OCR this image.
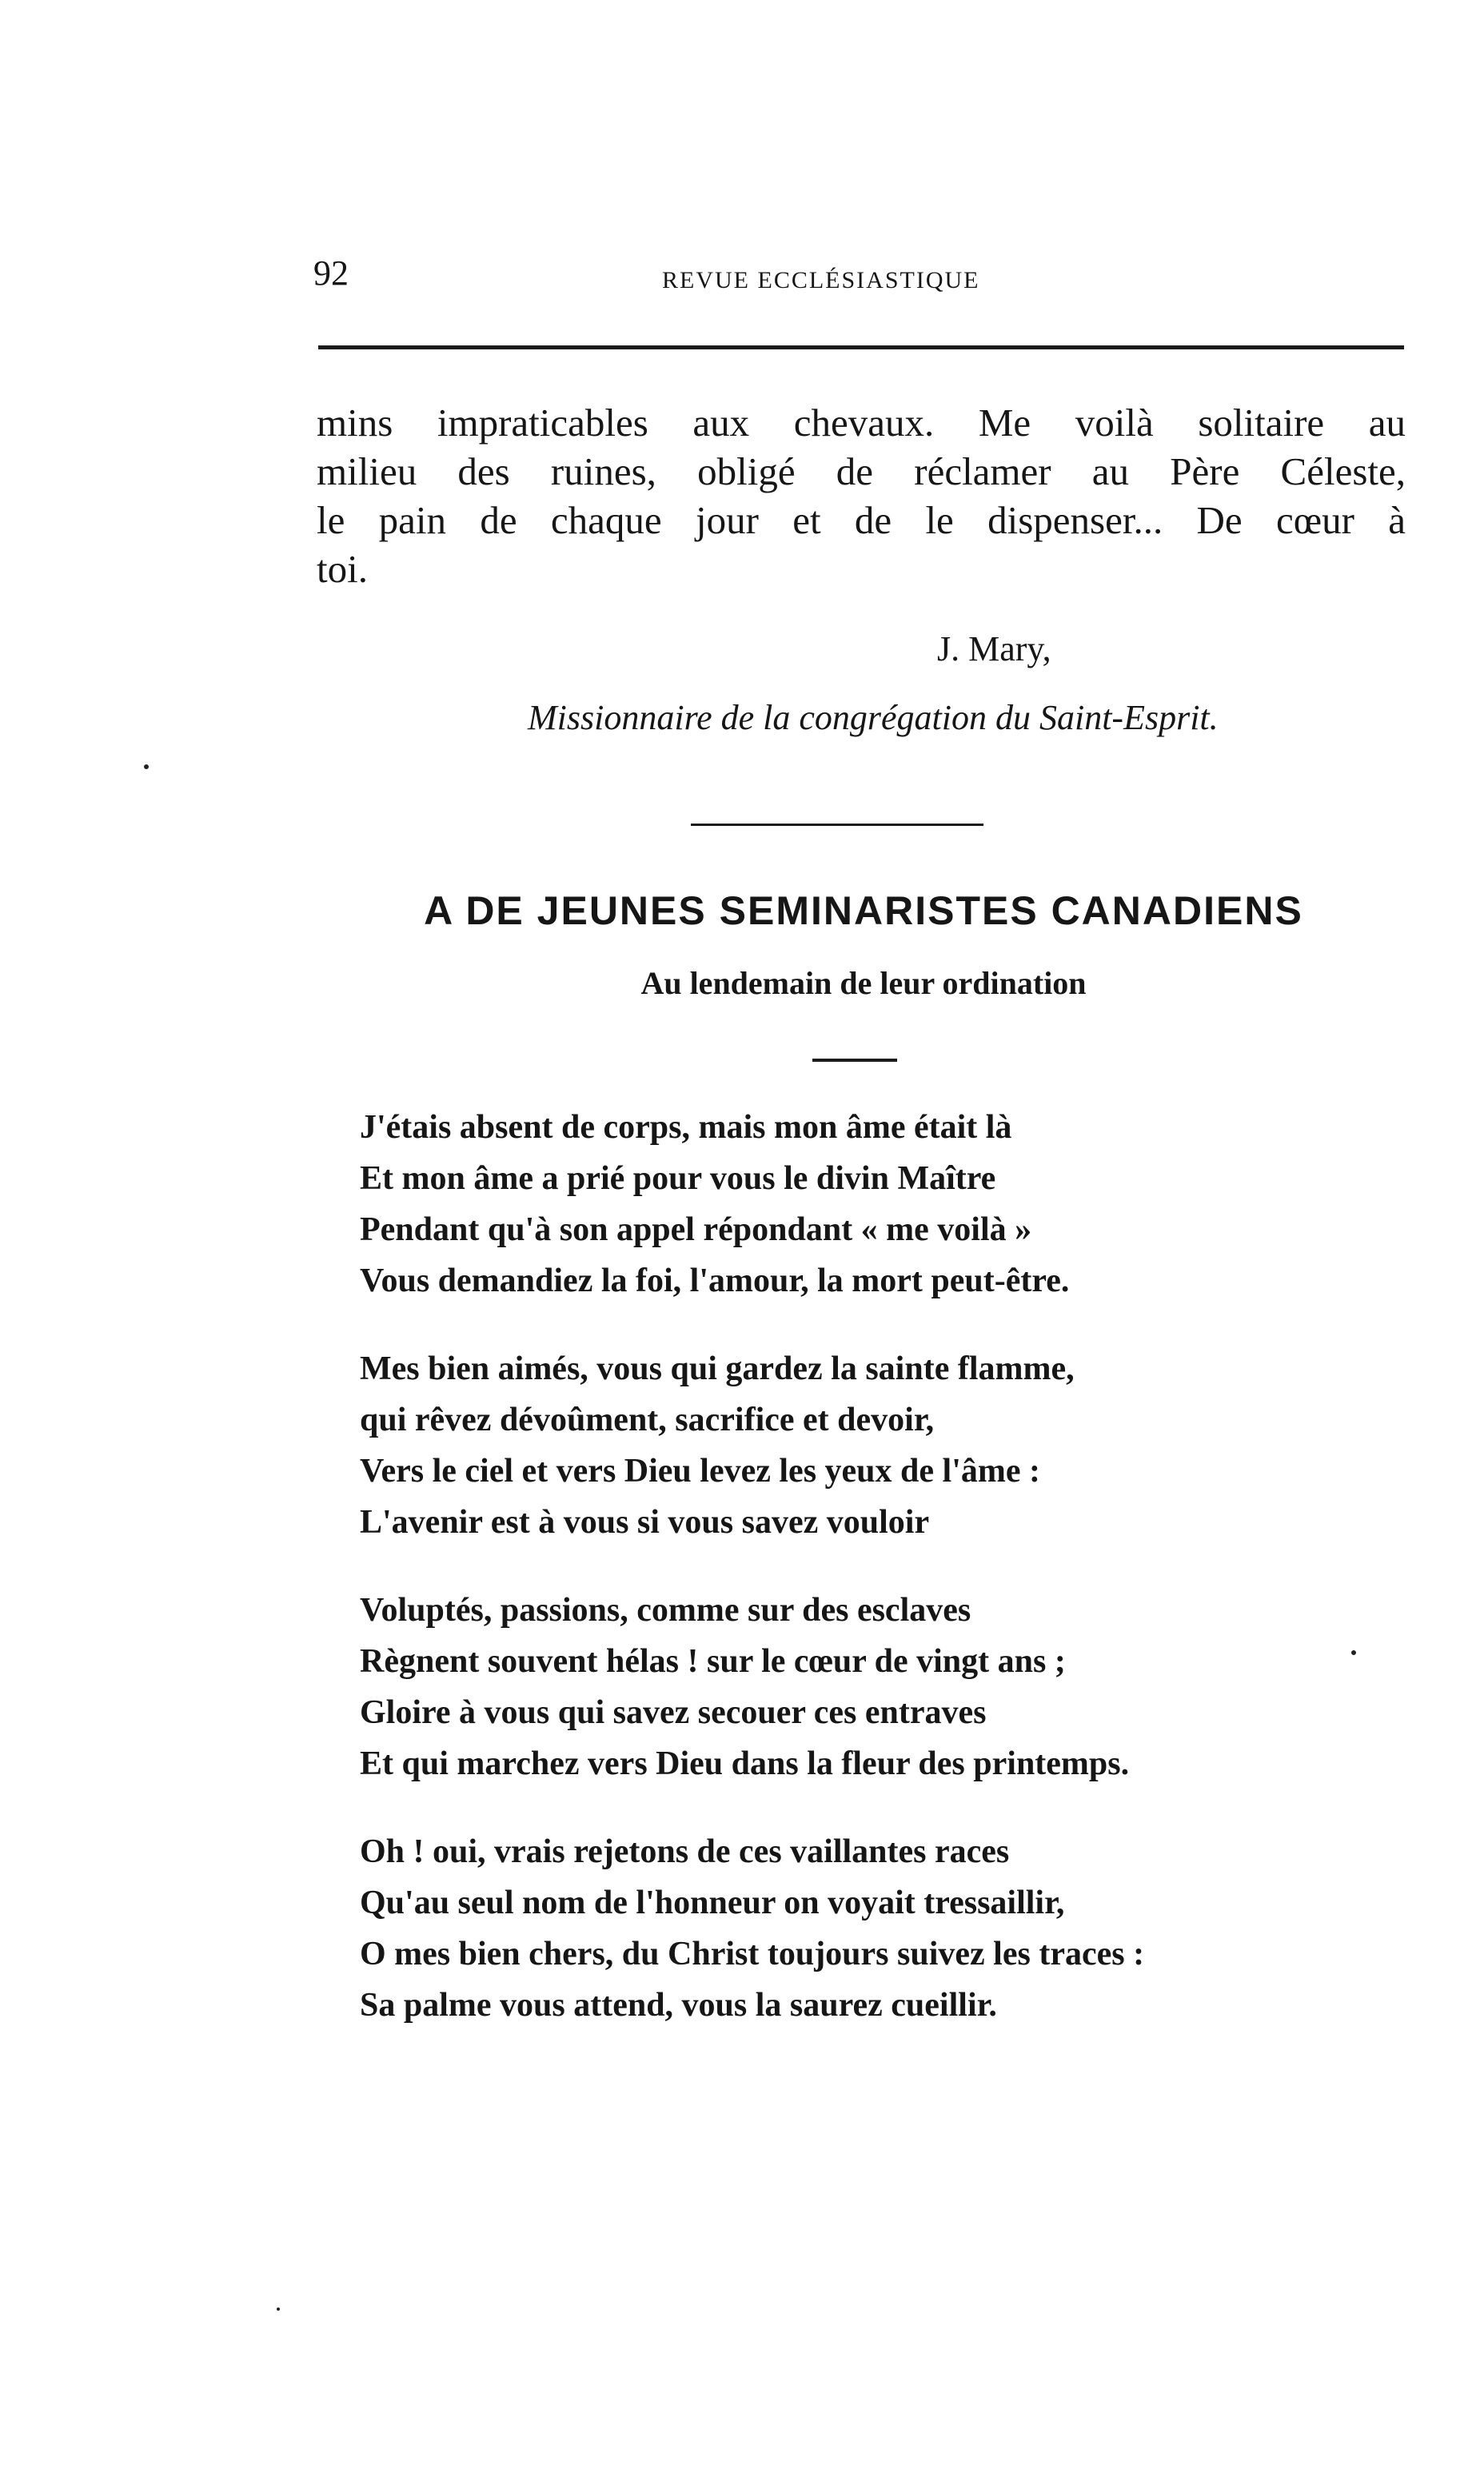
92	REVUE ECCLÉSIASTIQUE
mins impraticables aux chevaux. Me voilà solitaire au
milieu des ruines, obligé de réclamer au Père Céleste,
le pain de chaque jour et de le dispenser... De cœur à
toi.
J. Mary,
Missionnaire de la congrégation du Saint-Esprit.
A DE JEUNES SEMINARISTES CANADIENS
Au lendemain de leur ordination
J'étais absent de corps, mais mon âme était là
Et mon âme a prié pour vous le divin Maître
Pendant qu'à son appel répondant « me voilà »
Vous demandiez la foi, l'amour, la mort peut-être.
Mes bien aimés, vous qui gardez la sainte flamme,
qui rêvez dévoûment, sacrifice et devoir,
Vers le ciel et vers Dieu levez les yeux de l'âme :
L'avenir est à vous si vous savez vouloir
Voluptés, passions, comme sur des esclaves
Règnent souvent hélas ! sur le cœur de vingt ans ;
Gloire à vous qui savez secouer ces entraves
Et qui marchez vers Dieu dans la fleur des printemps.
Oh ! oui, vrais rejetons de ces vaillantes races
Qu'au seul nom de l'honneur on voyait tressaillir,
O mes bien chers, du Christ toujours suivez les traces :
Sa palme vous attend, vous la saurez cueillir.
